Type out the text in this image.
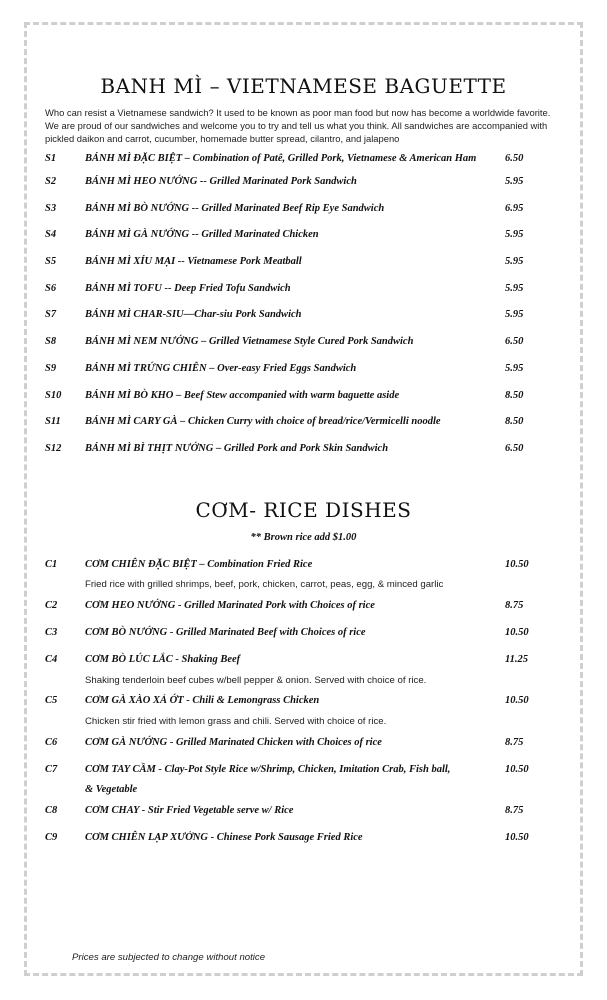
BANH MÌ – VIETNAMESE BAGUETTE
Who can resist a Vietnamese sandwich? It used to be known as poor man food but now has become a worldwide favorite. We are proud of our sandwiches and welcome you to try and tell us what you think. All sandwiches are accompanied with pickled daikon and carrot, cucumber, homemade butter spread, cilantro, and jalapeno
S1	BÁNH MÌ ĐẶC BIỆT – Combination of Patê, Grilled Pork, Vietnamese & American Ham	6.50
S2	BÁNH MÌ HEO NƯỚNG -- Grilled Marinated Pork Sandwich	5.95
S3	BÁNH MÌ BÒ NƯỚNG -- Grilled Marinated Beef Rip Eye Sandwich	6.95
S4	BÁNH MÌ GÀ NƯỚNG -- Grilled Marinated Chicken	5.95
S5	BÁNH MÌ XÍU MẠI -- Vietnamese Pork Meatball	5.95
S6	BÁNH MÌ TOFU -- Deep Fried Tofu Sandwich	5.95
S7	BÁNH MÌ CHAR-SIU—Char-siu Pork Sandwich	5.95
S8	BÁNH MÌ NEM NƯỚNG – Grilled Vietnamese Style Cured Pork Sandwich	6.50
S9	BÁNH MÌ TRỨNG CHIÊN – Over-easy Fried Eggs Sandwich	5.95
S10 BÁNH MÌ BÒ KHO – Beef Stew accompanied with warm baguette aside	8.50
S11 BÁNH MÌ CARY GÀ – Chicken Curry with choice of bread/rice/Vermicelli noodle	8.50
S12 BÁNH MÌ BÌ THỊT NƯỚNG – Grilled Pork and Pork Skin Sandwich	6.50
CƠM- RICE DISHES
** Brown rice add $1.00
C1	CƠM CHIÊN ĐẶC BIỆT – Combination Fried Rice	10.50
Fried rice with grilled shrimps, beef, pork, chicken, carrot, peas, egg, & minced garlic
C2	CƠM HEO NƯỚNG - Grilled Marinated Pork with Choices of rice	8.75
C3	CƠM BÒ NƯỚNG - Grilled Marinated Beef with Choices of rice	10.50
C4	CƠM BÒ LÚC LẮC - Shaking Beef	11.25
Shaking tenderloin beef cubes w/bell pepper & onion. Served with choice of rice.
C5	CƠM GÀ XÀO XẢ ỚT - Chili & Lemongrass Chicken	10.50
Chicken stir fried with lemon grass and chili. Served with choice of rice.
C6	CƠM GÀ NƯỚNG - Grilled Marinated Chicken with Choices of rice	8.75
C7	CƠM TAY CẦM - Clay-Pot Style Rice w/Shrimp, Chicken, Imitation Crab, Fish ball,	10.50
& Vegetable
C8	CƠM CHAY - Stir Fried Vegetable serve w/ Rice	8.75
C9	CƠM CHIÊN LẠP XƯỞNG - Chinese Pork Sausage Fried Rice	10.50
Prices are subjected to change without notice
